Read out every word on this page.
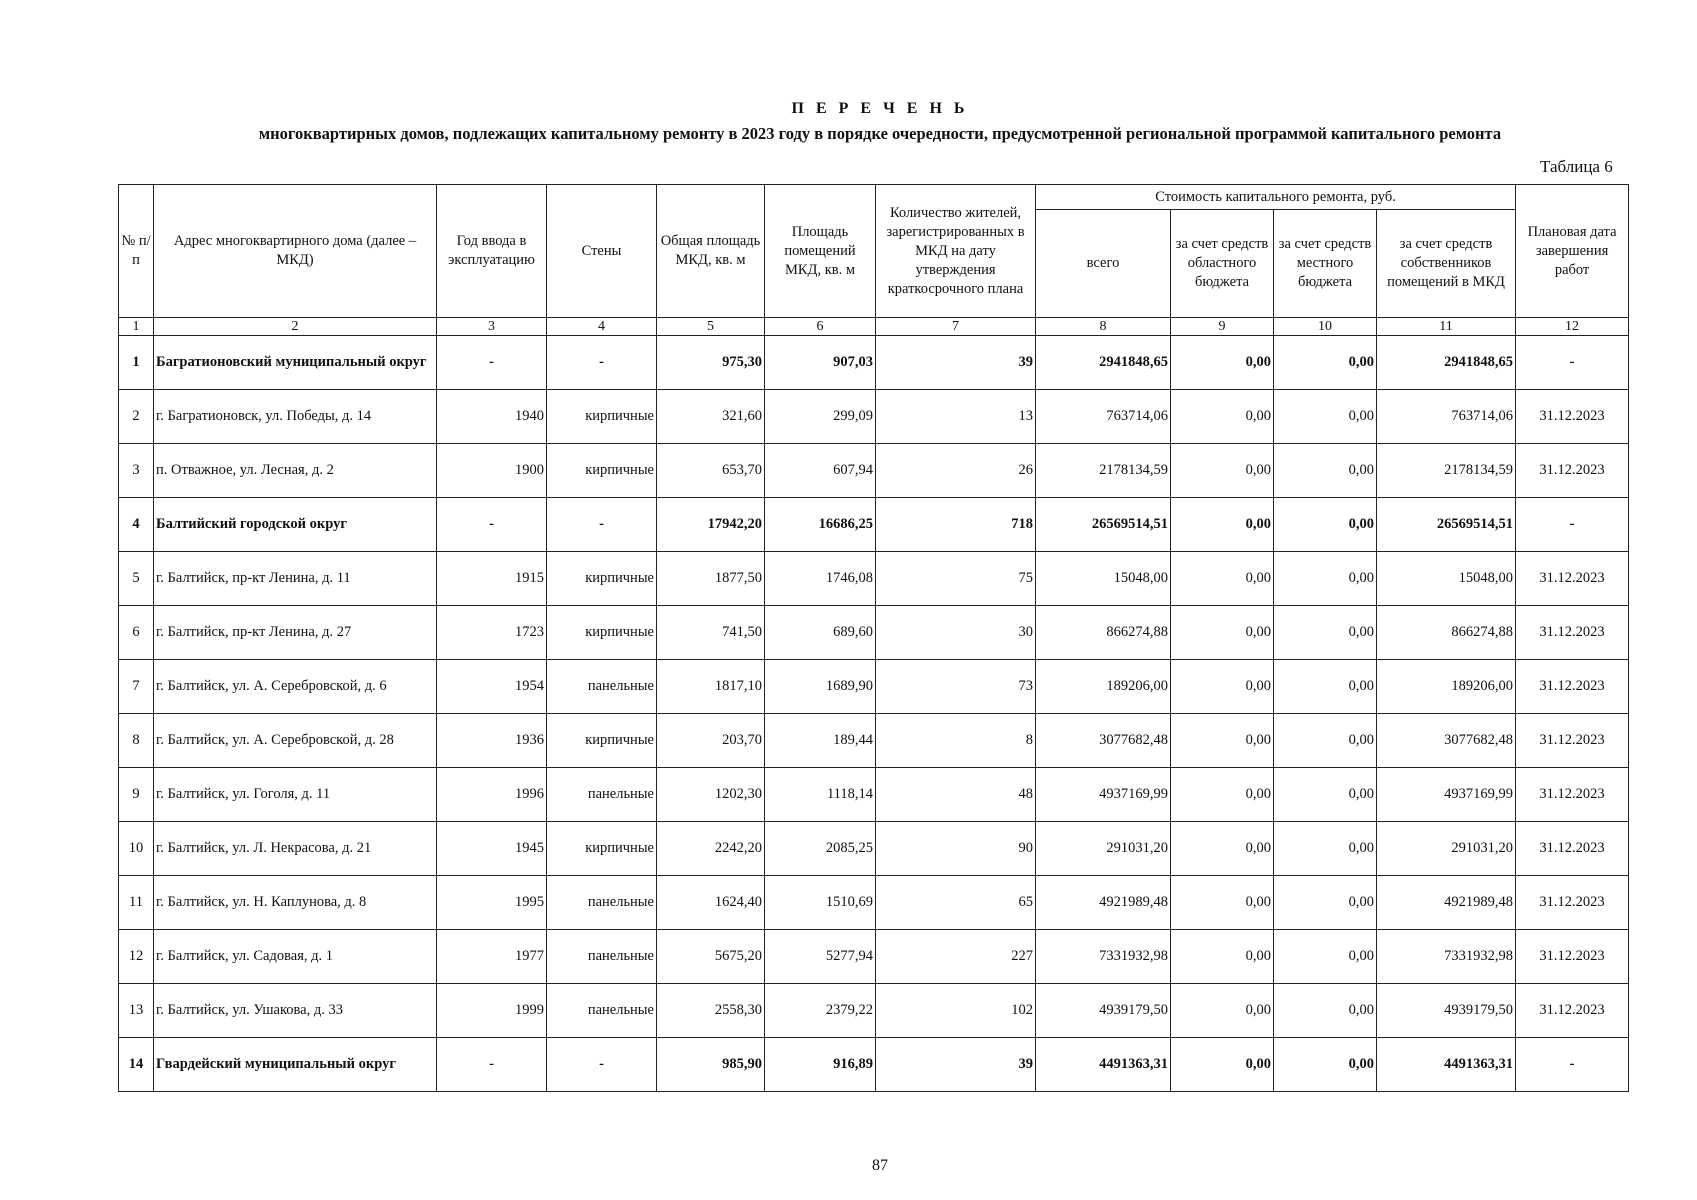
П Е Р Е Ч Е Н Ь
многоквартирных домов, подлежащих капитальному ремонту в 2023 году в порядке очередности, предусмотренной региональной программой капитального ремонта
Таблица 6
№ п/п	Адрес многоквартирного дома (далее – МКД)	Год ввода в эксплуатацию	Стены	Общая площадь МКД, кв. м	Площадь помещений МКД, кв. м	Количество жителей, зарегистрированных в МКД на дату утверждения краткосрочного плана	Стоимость капитального ремонта, руб.				Плановая дата завершения работ
							всего	за счет средств областного бюджета	за счет средств местного бюджета	за счет средств собственников помещений в МКД	
1	2	3	4	5	6	7	8	9	10	11	12
1	Багратионовский муниципальный округ	-	-	975,30	907,03	39	2941848,65	0,00	0,00	2941848,65	-
2	г. Багратионовск, ул. Победы, д. 14	1940	кирпичные	321,60	299,09	13	763714,06	0,00	0,00	763714,06	31.12.2023
3	п. Отважное, ул. Лесная, д. 2	1900	кирпичные	653,70	607,94	26	2178134,59	0,00	0,00	2178134,59	31.12.2023
4	Балтийский городской округ	-	-	17942,20	16686,25	718	26569514,51	0,00	0,00	26569514,51	-
5	г. Балтийск, пр-кт Ленина, д. 11	1915	кирпичные	1877,50	1746,08	75	15048,00	0,00	0,00	15048,00	31.12.2023
6	г. Балтийск, пр-кт Ленина, д. 27	1723	кирпичные	741,50	689,60	30	866274,88	0,00	0,00	866274,88	31.12.2023
7	г. Балтийск, ул. А. Серебровской, д. 6	1954	панельные	1817,10	1689,90	73	189206,00	0,00	0,00	189206,00	31.12.2023
8	г. Балтийск, ул. А. Серебровской, д. 28	1936	кирпичные	203,70	189,44	8	3077682,48	0,00	0,00	3077682,48	31.12.2023
9	г. Балтийск, ул. Гоголя, д. 11	1996	панельные	1202,30	1118,14	48	4937169,99	0,00	0,00	4937169,99	31.12.2023
10	г. Балтийск, ул. Л. Некрасова, д. 21	1945	кирпичные	2242,20	2085,25	90	291031,20	0,00	0,00	291031,20	31.12.2023
11	г. Балтийск, ул. Н. Каплунова, д. 8	1995	панельные	1624,40	1510,69	65	4921989,48	0,00	0,00	4921989,48	31.12.2023
12	г. Балтийск, ул. Садовая, д. 1	1977	панельные	5675,20	5277,94	227	7331932,98	0,00	0,00	7331932,98	31.12.2023
13	г. Балтийск, ул. Ушакова, д. 33	1999	панельные	2558,30	2379,22	102	4939179,50	0,00	0,00	4939179,50	31.12.2023
14	Гвардейский муниципальный округ	-	-	985,90	916,89	39	4491363,31	0,00	0,00	4491363,31	-
87
